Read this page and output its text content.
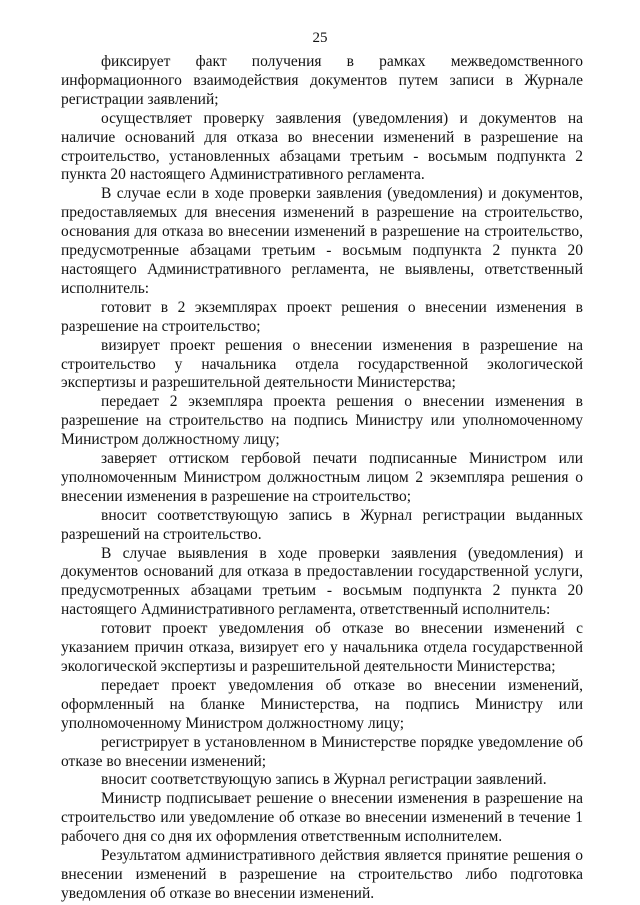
25

фиксирует факт получения в рамках межведомственного информационного взаимодействия документов путем записи в Журнале регистрации заявлений;

осуществляет проверку заявления (уведомления) и документов на наличие оснований для отказа во внесении изменений в разрешение на строительство, установленных абзацами третьим - восьмым подпункта 2 пункта 20 настоящего Административного регламента.

В случае если в ходе проверки заявления (уведомления) и документов, предоставляемых для внесения изменений в разрешение на строительство, основания для отказа во внесении изменений в разрешение на строительство, предусмотренные абзацами третьим - восьмым подпункта 2 пункта 20 настоящего Административного регламента, не выявлены, ответственный исполнитель:

готовит в 2 экземплярах проект решения о внесении изменения в разрешение на строительство;

визирует проект решения о внесении изменения в разрешение на строительство у начальника отдела государственной экологической экспертизы и разрешительной деятельности Министерства;

передает 2 экземпляра проекта решения о внесении изменения в разрешение на строительство на подпись Министру или уполномоченному Министром должностному лицу;

заверяет оттиском гербовой печати подписанные Министром или уполномоченным Министром должностным лицом 2 экземпляра решения о внесении изменения в разрешение на строительство;

вносит соответствующую запись в Журнал регистрации выданных разрешений на строительство.

В случае выявления в ходе проверки заявления (уведомления) и документов оснований для отказа в предоставлении государственной услуги, предусмотренных абзацами третьим - восьмым подпункта 2 пункта 20 настоящего Административного регламента, ответственный исполнитель:

готовит проект уведомления об отказе во внесении изменений с указанием причин отказа, визирует его у начальника отдела государственной экологической экспертизы и разрешительной деятельности Министерства;

передает проект уведомления об отказе во внесении изменений, оформленный на бланке Министерства, на подпись Министру или уполномоченному Министром должностному лицу;

регистрирует в установленном в Министерстве порядке уведомление об отказе во внесении изменений;

вносит соответствующую запись в Журнал регистрации заявлений.

Министр подписывает решение о внесении изменения в разрешение на строительство или уведомление об отказе во внесении изменений в течение 1 рабочего дня со дня их оформления ответственным исполнителем.

Результатом административного действия является принятие решения о внесении изменений в разрешение на строительство либо подготовка уведомления об отказе во внесении изменений.
